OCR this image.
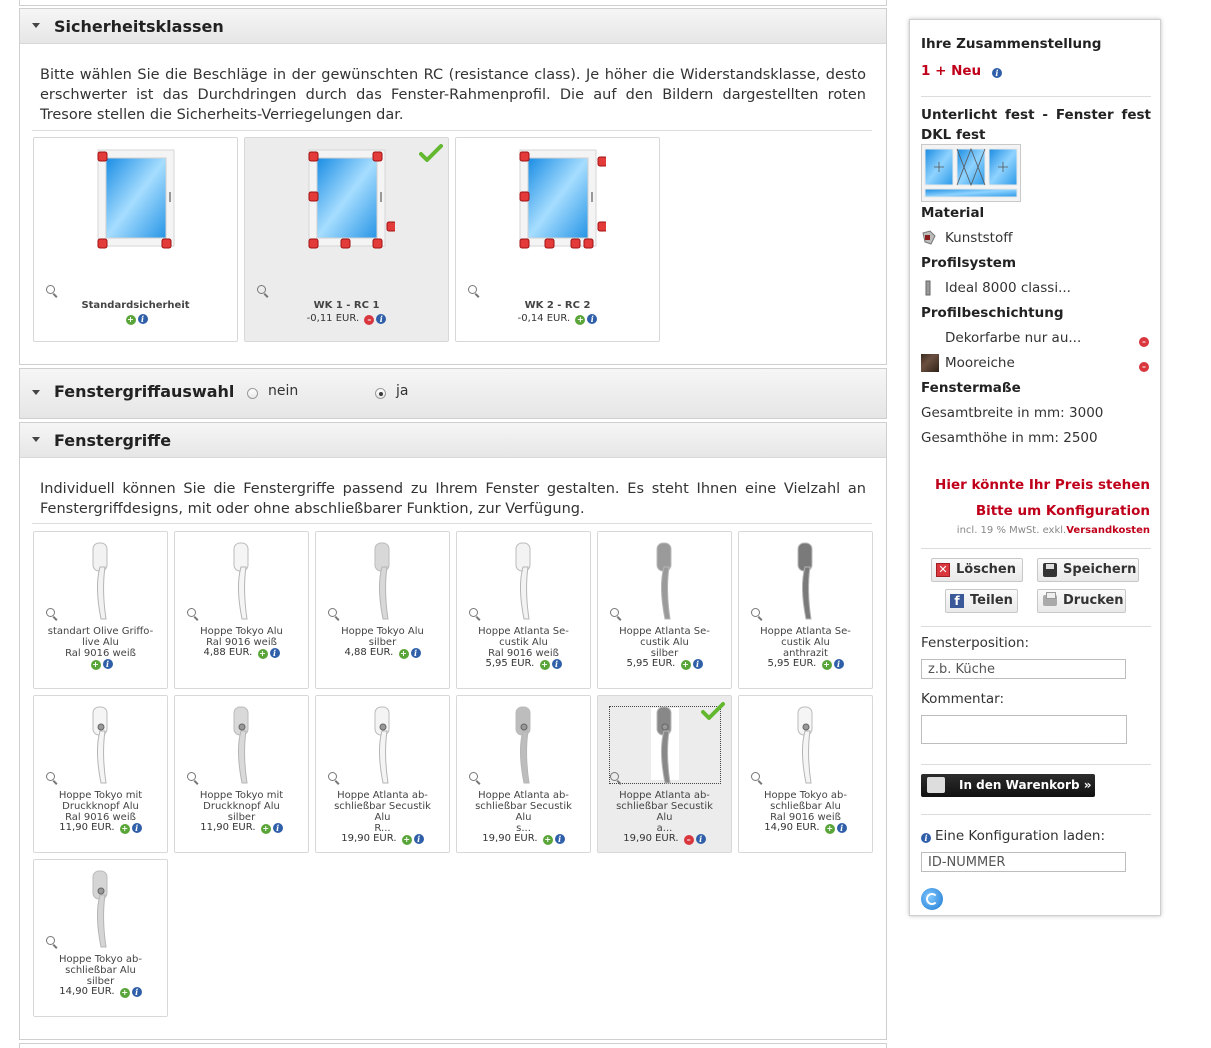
Sicherheitsklassen
Bitte wählen Sie die Beschläge in der gewünschten RC (resistance class). Je höher die Widerstandsklasse, desto erschwerter ist das Durchdringen durch das Fenster-Rahmenprofil. Die auf den Bildern dargestellten roten Tresore stellen die Sicherheits-Verriegelungen dar.
Standardsicherheit
+ i
WK 1 - RC 1
-0,11 EUR. – i
WK 2 - RC 2
-0,14 EUR. + i
Fenstergriffauswahl nein	ja
Fenstergriffe
Individuell können Sie die Fenstergriffe passend zu Ihrem Fenster gestalten. Es steht Ihnen eine Vielzahl an Fenstergriffdesigns, mit oder ohne abschließbarer Funktion, zur Verfügung.
standart Olive Griffo-
live Alu
Ral 9016 weiß
+ i
Hoppe Tokyo Alu
Ral 9016 weiß
4,88 EUR. + i
Hoppe Tokyo Alu
silber
4,88 EUR. + i
Hoppe Atlanta Se-
custik Alu
Ral 9016 weiß
5,95 EUR. + i
Hoppe Atlanta Se-
custik Alu
silber
5,95 EUR. + i
Hoppe Atlanta Se-
custik Alu
anthrazit
5,95 EUR. + i
Hoppe Tokyo mit
Druckknopf Alu
Ral 9016 weiß
11,90 EUR. + i
Hoppe Tokyo mit
Druckknopf Alu
silber
11,90 EUR. + i
Hoppe Atlanta ab-
schließbar Secustik
Alu
R...
19,90 EUR. + i
Hoppe Atlanta ab-
schließbar Secustik
Alu
s...
19,90 EUR. + i
Hoppe Atlanta ab-
schließbar Secustik
Alu
a...
19,90 EUR. – i
Hoppe Tokyo ab-
schließbar Alu
Ral 9016 weiß
14,90 EUR. + i
Hoppe Tokyo ab-
schließbar Alu
silber
14,90 EUR. + i
Ihre Zusammenstellung
1 + Neu i
Unterlicht fest - Fenster fest DKL fest
Material
Kunststoff
Profilsystem
Ideal 8000 classi...
Profilbeschichtung
Dekorfarbe nur au...	–
Mooreiche	–
Fenstermaße
Gesamtbreite in mm: 3000
Gesamthöhe in mm: 2500
Hier könnte Ihr Preis stehen
Bitte um Konfiguration
incl. 19 % MwSt. exkl.Versandkosten
✕ Löschen	Speichern
f Teilen	Drucken
Fensterposition:
z.b. Küche
Kommentar:
In den Warenkorb »
i Eine Konfiguration laden:
ID-NUMMER
